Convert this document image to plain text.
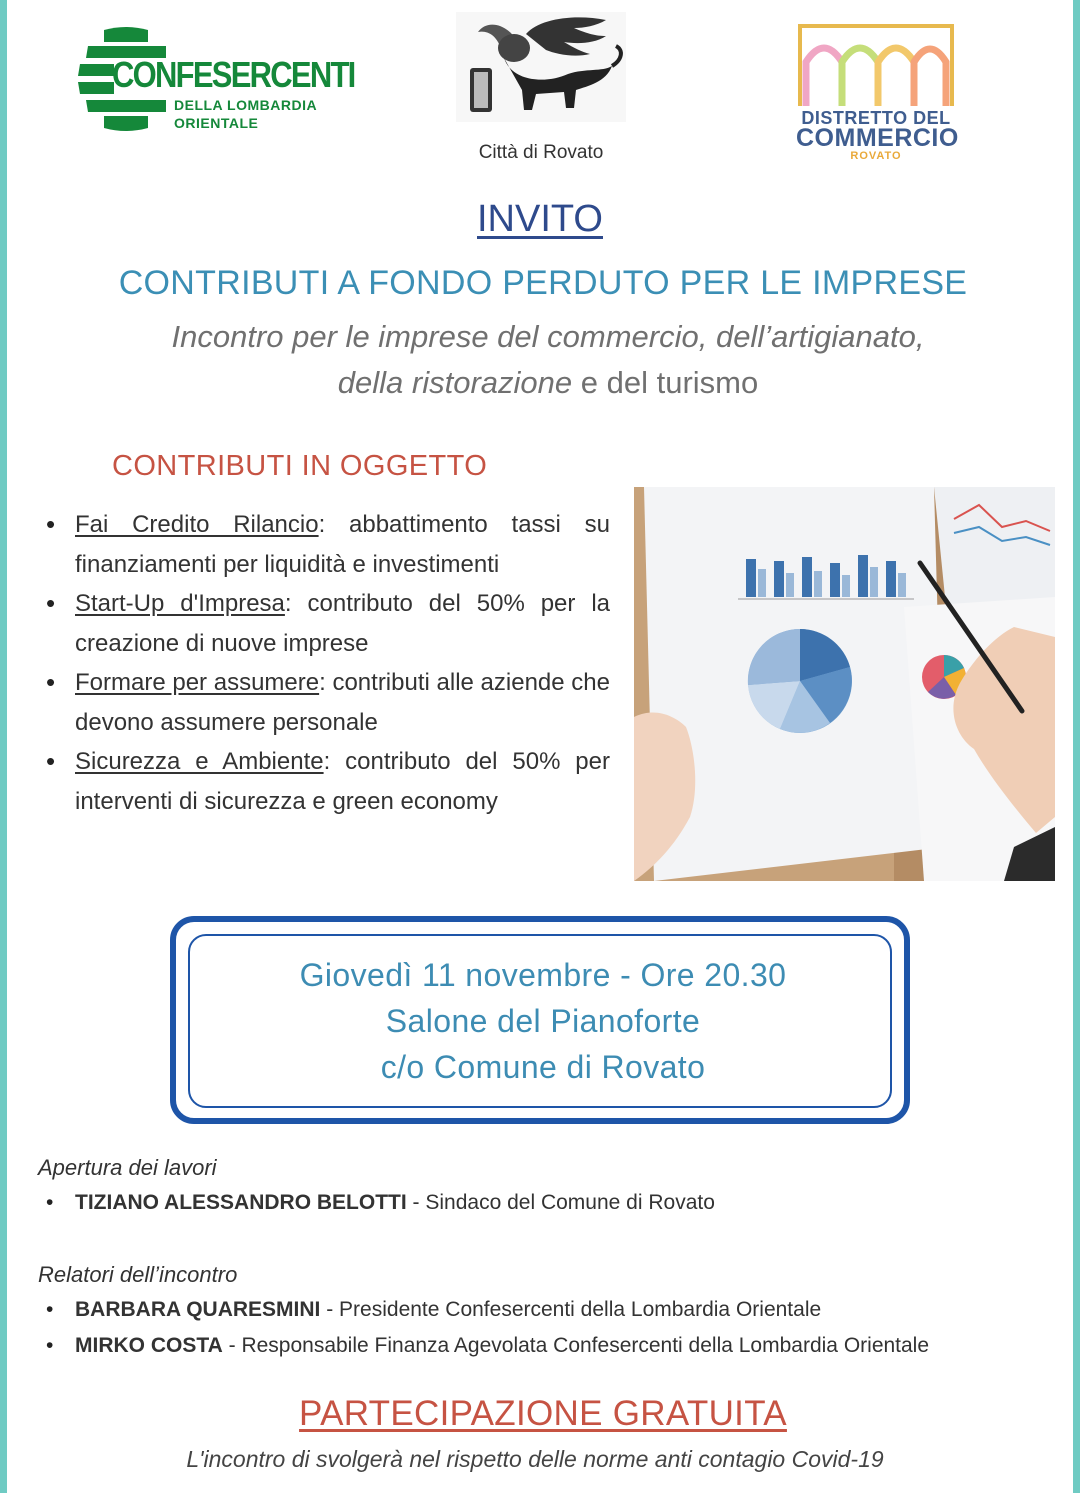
CONFESERCENTI
DELLA LOMBARDIA
ORIENTALE
Città di Rovato
DISTRETTO DEL
COMMERCIO
ROVATO
INVITO
CONTRIBUTI A FONDO PERDUTO PER LE IMPRESE
Incontro per le imprese del commercio, dell’artigianato,
della ristorazione e del turismo
CONTRIBUTI IN OGGETTO
• Fai Credito Rilancio: abbattimento tassi su finanziamenti per liquidità e investimenti
• Start-Up d'Impresa: contributo del 50% per la creazione di nuove imprese
• Formare per assumere: contributi alle aziende che devono assumere personale
• Sicurezza e Ambiente: contributo del 50% per interventi di sicurezza e green economy
Giovedì 11 novembre - Ore 20.30
Salone del Pianoforte
c/o Comune di Rovato
Apertura dei lavori
• TIZIANO ALESSANDRO BELOTTI - Sindaco del Comune di Rovato
Relatori dell’incontro
• BARBARA QUARESMINI - Presidente Confesercenti della Lombardia Orientale
• MIRKO COSTA - Responsabile Finanza Agevolata Confesercenti della Lombardia Orientale
PARTECIPAZIONE GRATUITA
L'incontro di svolgerà nel rispetto delle norme anti contagio Covid-19
